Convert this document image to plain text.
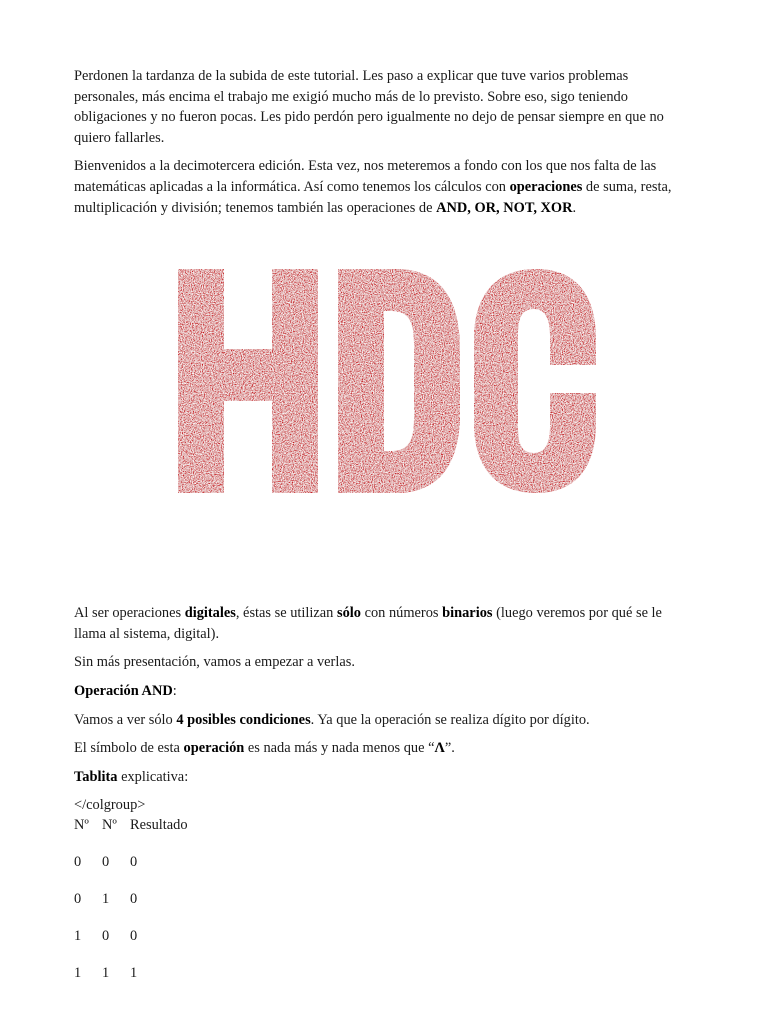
Perdonen la tardanza de la subida de este tutorial. Les paso a explicar que tuve varios problemas personales, más encima el trabajo me exigió mucho más de lo previsto. Sobre eso, sigo teniendo obligaciones y no fueron pocas. Les pido perdón pero igualmente no dejo de pensar siempre en que no quiero fallarles.

Bienvenidos a la decimotercera edición. Esta vez, nos meteremos a fondo con los que nos falta de las matemáticas aplicadas a la informática. Así como tenemos los cálculos con operaciones de suma, resta, multiplicación y división; tenemos también las operaciones de AND, OR, NOT, XOR.

Al ser operaciones digitales, éstas se utilizan sólo con números binarios (luego veremos por qué se le llama al sistema, digital).

Sin más presentación, vamos a empezar a verlas.

Operación AND:

Vamos a ver sólo 4 posibles condiciones. Ya que la operación se realiza dígito por dígito.

El símbolo de esta operación es nada más y nada menos que “Λ”.

Tablita explicativa:

</colgroup>
Nº Nº Resultado
0	0	0
0	1	0
1	0	0
1	1	1
